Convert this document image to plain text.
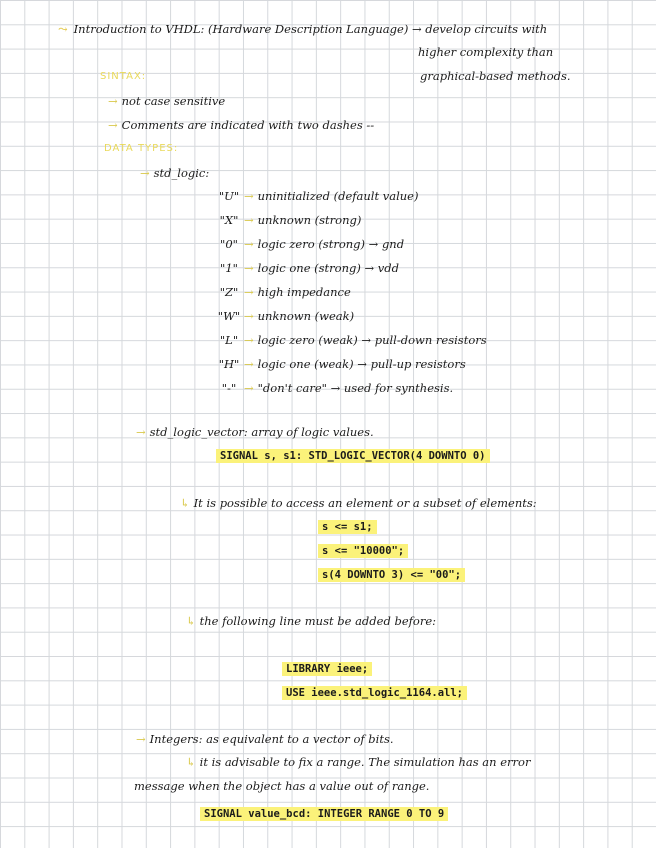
⤳ Introduction to VHDL: (Hardware Description Language) → develop circuits with
higher complexity than
graphical-based methods.
SINTAX:
→ not case sensitive
→ Comments are indicated with two dashes --
DATA TYPES:
→ std_logic:
"U" → uninitialized (default value)
"X" → unknown (strong)
"0" → logic zero (strong) → gnd
"1" → logic one (strong) → vdd
"Z" → high impedance
"W" → unknown (weak)
"L" → logic zero (weak) → pull-down resistors
"H" → logic one (weak) → pull-up resistors
"-" → "don't care" → used for synthesis.
→ std_logic_vector: array of logic values.
SIGNAL s, s1: STD_LOGIC_VECTOR(4 DOWNTO 0)
↳ It is possible to access an element or a subset of elements:
s <= s1;
s <= "10000";
s(4 DOWNTO 3) <= "00";
↳ the following line must be added before:
LIBRARY ieee;
USE ieee.std_logic_1164.all;
→ Integers: as equivalent to a vector of bits.
↳ it is advisable to fix a range. The simulation has an error
message when the object has a value out of range.
SIGNAL value_bcd: INTEGER RANGE 0 TO 9
